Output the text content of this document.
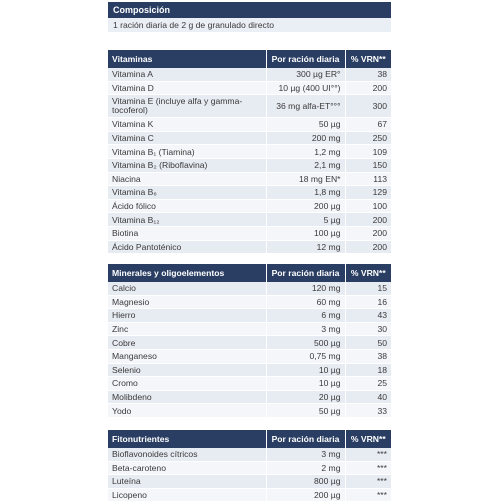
Composición
1 ración diaria de 2 g de granulado directo
Vitaminas	Por ración diaria	% VRN**
Vitamina A	300 µg ER°	38
Vitamina D	10 µg (400 UI°°)	200
Vitamina E (incluye alfa y gamma-tocoferol)	36 mg alfa-ET°°°	300
Vitamina K	50 µg	67
Vitamina C	200 mg	250
Vitamina B₁ (Tiamina)	1,2 mg	109
Vitamina B₂ (Riboflavina)	2,1 mg	150
Niacina	18 mg EN*	113
Vitamina B₆	1,8 mg	129
Ácido fólico	200 µg	100
Vitamina B₁₂	5 µg	200
Biotina	100 µg	200
Ácido Pantoténico	12 mg	200
Minerales y oligoelementos	Por ración diaria	% VRN**
Calcio	120 mg	15
Magnesio	60 mg	16
Hierro	6 mg	43
Zinc	3 mg	30
Cobre	500 µg	50
Manganeso	0,75 mg	38
Selenio	10 µg	18
Cromo	10 µg	25
Molibdeno	20 µg	40
Yodo	50 µg	33
Fitonutrientes	Por ración diaria	% VRN**
Bioflavonoides cítricos	3 mg	***
Beta-caroteno	2 mg	***
Luteína	800 µg	***
Licopeno	200 µg	***
